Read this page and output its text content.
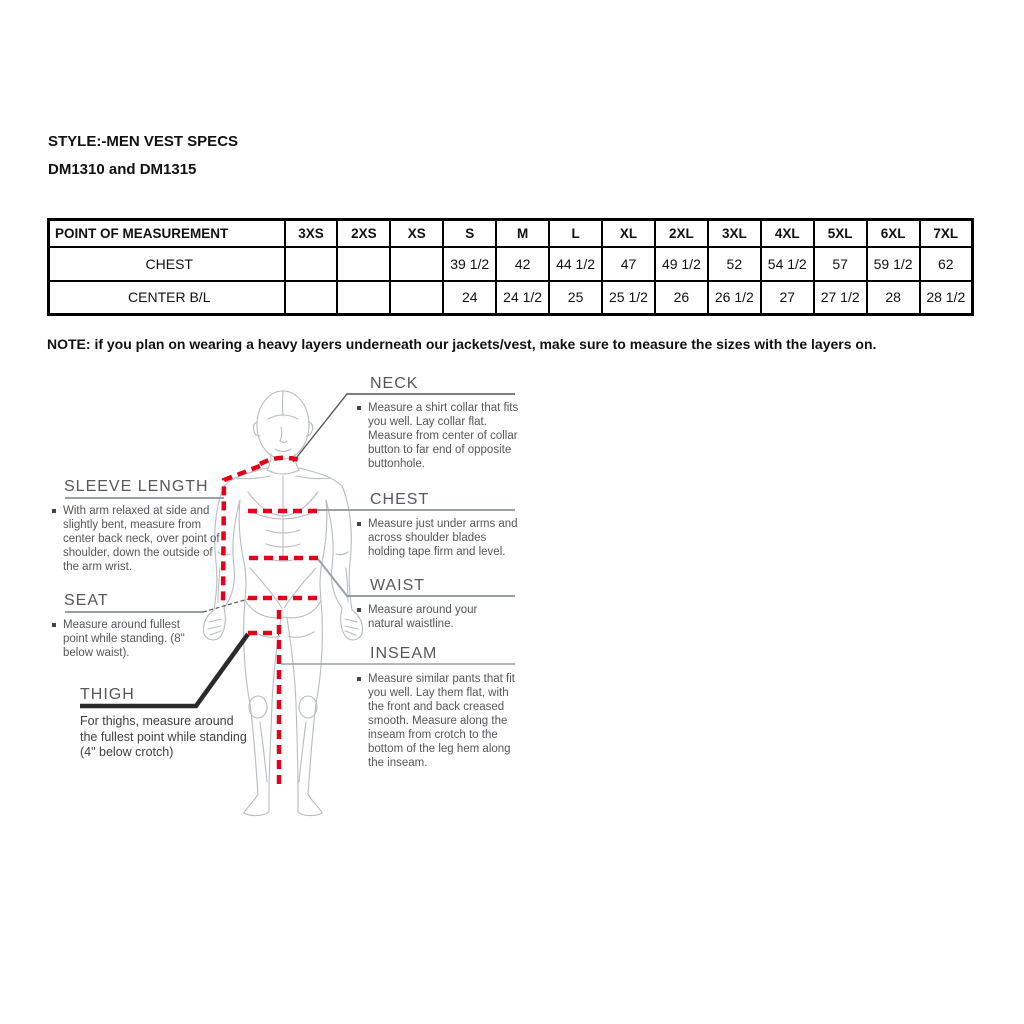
STYLE:-MEN VEST SPECS
DM1310 and DM1315
POINT OF MEASUREMENT	3XS	2XS	XS	S	M	L	XL	2XL	3XL	4XL	5XL	6XL	7XL
CHEST				39 1/2	42	44 1/2	47	49 1/2	52	54 1/2	57	59 1/2	62
CENTER B/L				24	24 1/2	25	25 1/2	26	26 1/2	27	27 1/2	28	28 1/2
NOTE: if you plan on wearing a heavy layers underneath our jackets/vest, make sure to measure the sizes with the layers on.
NECK
Measure a shirt collar that fits you well. Lay collar flat. Measure from center of collar button to far end of opposite buttonhole.
CHEST
Measure just under arms and across shoulder blades holding tape firm and level.
WAIST
Measure around your natural waistline.
INSEAM
Measure similar pants that fit you well. Lay them flat, with the front and back creased smooth. Measure along the inseam from crotch to the bottom of the leg hem along the inseam.
SLEEVE LENGTH
With arm relaxed at side and slightly bent, measure from center back neck, over point of shoulder, down the outside of the arm wrist.
SEAT
Measure around fullest point while standing. (8" below waist).
THIGH
For thighs, measure around the fullest point while standing (4" below crotch)
